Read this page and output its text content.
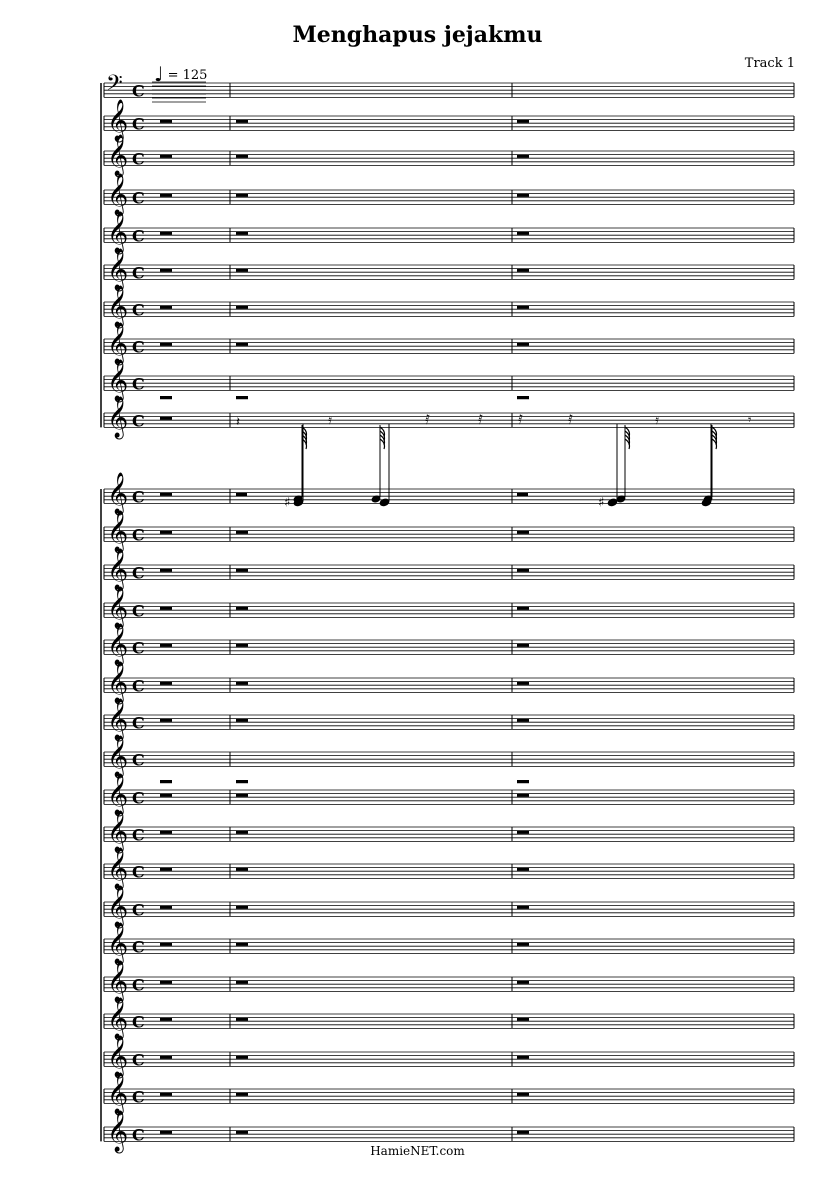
Menghapus jejakmu
Track 1
♩ = 125
𝄢 C
𝄞 C
𝄞 C
𝄞 C
𝄞 C
𝄞 C
𝄞 C
𝄞 C
𝄞 C
𝄞 C	𝄽	𝄿	𝅀	𝅀	𝅀	𝅀	𝄿	𝄾
𝄞 C	♯	♯
𝄞 C
𝄞 C
𝄞 C
𝄞 C
𝄞 C
𝄞 C
𝄞 C
𝄞 C
𝄞 C
𝄞 C
𝄞 C
𝄞 C
𝄞 C
𝄞 C
𝄞 C
𝄞 C
𝄞 C
HamieNET.com
